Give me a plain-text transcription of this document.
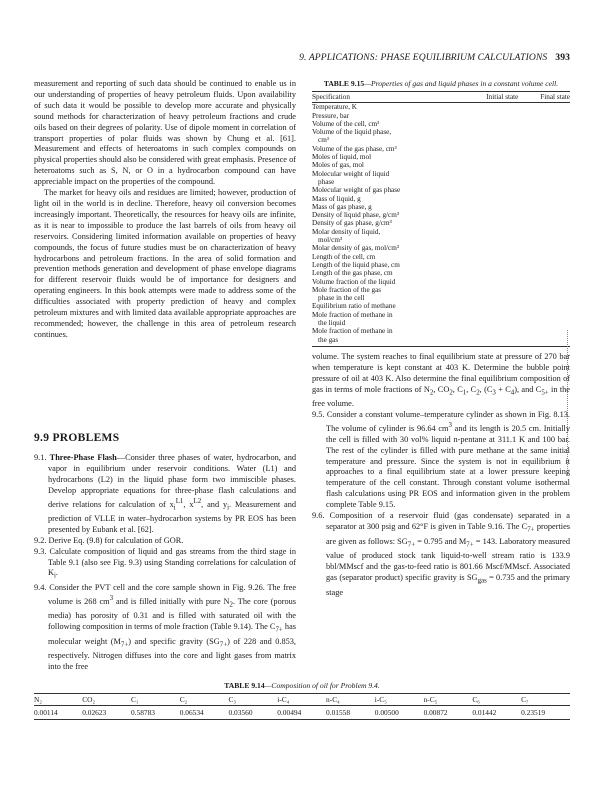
9. APPLICATIONS: PHASE EQUILIBRIUM CALCULATIONS 393

measurement and reporting of such data should be continued to enable us in our understanding of properties of heavy petroleum fluids. Upon availability of such data it would be possible to develop more accurate and physically sound methods for characterization of heavy petroleum fractions and crude oils based on their degrees of polarity. Use of dipole moment in correlation of transport properties of polar fluids was shown by Chung et al. [61]. Measurement and effects of heteroatoms in such complex compounds on physical properties should also be considered with great emphasis. Presence of heteroatoms such as S, N, or O in a hydrocarbon compound can have appreciable impact on the properties of the compound.

The market for heavy oils and residues are limited; however, production of light oil in the world is in decline. Therefore, heavy oil conversion becomes increasingly important. Theoretically, the resources for heavy oils are infinite, as it is near to impossible to produce the last barrels of oils from heavy oil reservoirs. Considering limited information available on properties of heavy compounds, the focus of future studies must be on characterization of heavy hydrocarbons and petroleum fractions. In the area of solid formation and prevention methods generation and development of phase envelope diagrams for different reservoir fluids would be of importance for designers and operating engineers. In this book attempts were made to address some of the difficulties associated with property prediction of heavy and complex petroleum mixtures and with limited data available appropriate approaches are recommended; however, the challenge in this area of petroleum research continues.

9.9 PROBLEMS
9.1. Three-Phase Flash—Consider three phases of water, hydrocarbon, and vapor in equilibrium under reservoir conditions. Water (L1) and hydrocarbons (L2) in the liquid phase form two immiscible phases. Develop appropriate equations for three-phase flash calculations and derive relations for calculation of $x_i^{L1}$, $x^{L2}$, and $y_i$. Measurement and prediction of VLLE in water–hydrocarbon systems by PR EOS has been presented by Eubank et al. [62].
9.2. Derive Eq. (9.8) for calculation of GOR.
9.3. Calculate composition of liquid and gas streams from the third stage in Table 9.1 (also see Fig. 9.3) using Standing correlations for calculation of $K_i$.
9.4. Consider the PVT cell and the core sample shown in Fig. 9.26. The free volume is 268 $cm^3$ and is filled initially with pure $N_2$. The core (porous media) has porosity of 0.31 and is filled with saturated oil with the following composition in terms of mole fraction (Table 9.14). The $C_{7+}$ has molecular weight $(M_{7+})$ and specific gravity $(SG_{7+})$ of 228 and 0.853, respectively. Nitrogen diffuses into the core and light gases from matrix into the free
TABLE 9.15—Properties of gas and liquid phases in a constant volume cell.
Specification	Initial state	Final state
Temperature, K		
Pressure, bar		
Volume of the cell, cm³		
Volume of the liquid phase,
cm³		

Volume of the gas phase, cm³		
Moles of liquid, mol		
Moles of gas, mol		
Molecular weight of liquid
phase		

Molecular weight of gas phase		
Mass of liquid, g		
Mass of gas phase, g		
Density of liquid phase, g/cm³		
Density of gas phase, g/cm³		
Molar density of liquid,
mol/cm³		

Molar density of gas, mol/cm³		
Length of the cell, cm		
Length of the liquid phase, cm		
Length of the gas phase, cm		
Volume fraction of the liquid		
Mole fraction of the gas
phase in the cell		

Equilibrium ratio of methane		
Mole fraction of methane in
the liquid		

Mole fraction of methane in
the gas		

volume. The system reaches to final equilibrium state at pressure of 270 bar when temperature is kept constant at 403 K. Determine the bubble point pressure of oil at 403 K. Also determine the final equilibrium composition of gas in terms of mole fractions of $N_2$, $CO_2$, $C_1$, $C_2$, $(C_3 + C_4)$, and $C_{5+}$ in the free volume.
9.5. Consider a constant volume–temperature cylinder as shown in Fig. 8.13. The volume of cylinder is 96.64 $cm^3$ and its length is 20.5 cm. Initially the cell is filled with 30 vol% liquid n-pentane at 311.1 K and 100 bar. The rest of the cylinder is filled with pure methane at the same initial temperature and pressure. Since the system is not in equilibrium it approaches to a final equilibrium state at a lower pressure keeping temperature of the cell constant. Through constant volume isothermal flash calculations using PR EOS and information given in the problem complete Table 9.15.
9.6. Composition of a reservoir fluid (gas condensate) separated in a separator at 300 psig and 62°F is given in Table 9.16. The $C_{7+}$ properties are given as follows: $SG_{7+} = 0.795$ and $M_{7+} = 143$. Laboratory measured value of produced stock tank liquid-to-well stream ratio is 133.9 bbl/MMscf and the gas-to-feed ratio is 801.66 Mscf/MMscf. Associated gas (separator product) specific gravity is $SG_{gas} = 0.735$ and the primary stage
TABLE 9.14—Composition of oil for Problem 9.4.
N₂	CO₂	C₁	C₂	C₃	i-C₄	n-C₄	i-C₅	n-C₅	C₆	C₇
0.00114	0.02623	0.58783	0.06534	0.03560	0.00494	0.01558	0.00500	0.00872	0.01442	0.23519
